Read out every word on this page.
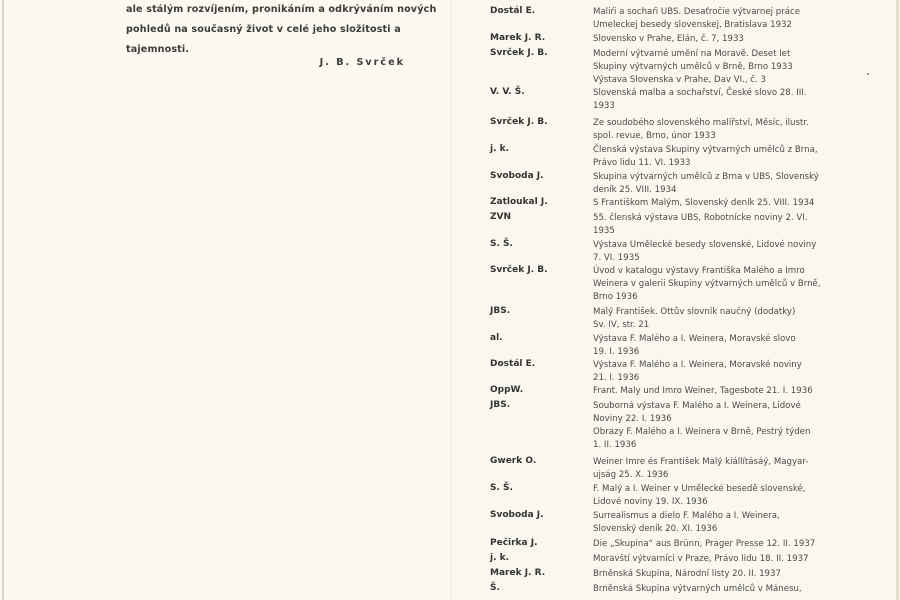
ale stálým rozvíjením, pronikáním a odkrýváním nových
pohledů na současný život v celé jeho složitosti a
tajemnosti.
J. B. Svrček
Dostál E.	Maliŕi a sochaŕi UBS. Desaťročie výtvarnej práce
Umeleckej besedy slovenskej, Bratislava 1932
Marek J. R.	Slovensko v Prahe, Elán, č. 7, 1933
Svrček J. B.	Moderní výtvarné umění na Moravě. Deset let
Skupiny výtvarných umělců v Brně, Brno 1933
Výstava Slovenska v Prahe, Dav VI., č. 3
V. V. Š.	Slovenská malba a sochařství, České slovo 28. III.
1933
Svrček J. B.	Ze soudobého slovenského malířství, Měsíc, ilustr.
spol. revue, Brno, únor 1933
j. k.	Členská výstava Skupiny výtvarných umělců z Brna,
Právo lidu 11. VI. 1933
Svoboda J.	Skupina výtvarných umělců z Brna v UBS, Slovenský
deník 25. VIII. 1934
Zatloukal J.	S Františkom Malým, Slovenský deník 25. VIII. 1934
ZVN	55. členská výstava UBS, Robotnícke noviny 2. VI.
1935
S. Š.	Výstava Umělecké besedy slovenské, Lidové noviny
7. VI. 1935
Svrček J. B.	Úvod v katalogu výstavy Františka Malého a Imro
Weinera v galerii Skupiny výtvarných umělců v Brně,
Brno 1936
JBS.	Malý František. Ottův slovník naučný (dodatky)
Sv. IV, str. 21
al.	Výstava F. Malého a I. Weinera, Moravské slovo
19. I. 1936
Dostál E.	Výstava F. Malého a I. Weinera, Moravské noviny
21. I. 1936
OppW.	Frant. Maly und Imro Weiner, Tagesbote 21. I. 1936
JBS.	Souborná výstava F. Malého a I. Weinera, Lidové
Noviny 22. I. 1936
Obrazy F. Malého a I. Weinera v Brně, Pestrý týden
1. II. 1936
Gwerk O.	Weiner Imre és František Malý kiállításáý, Magyar-
ujság 25. X. 1936
S. Š.	F. Malý a I. Weiner v Umělecké besedě slovenské,
Lidové noviny 19. IX. 1936
Svoboda J.	Surrealismus a dielo F. Malého a I. Weinera,
Slovenský deník 20. XI. 1936
Pečirka J.	Die „Skupina“ aus Brünn, Prager Presse 12. II. 1937
j. k.	Moravští výtvarníci v Praze, Právo lidu 18. II. 1937
Marek J. R.	Brněnská Skupina, Národní listy 20. II. 1937
Š.	Brněnská Skupina výtvarných umělců v Mánesu,
